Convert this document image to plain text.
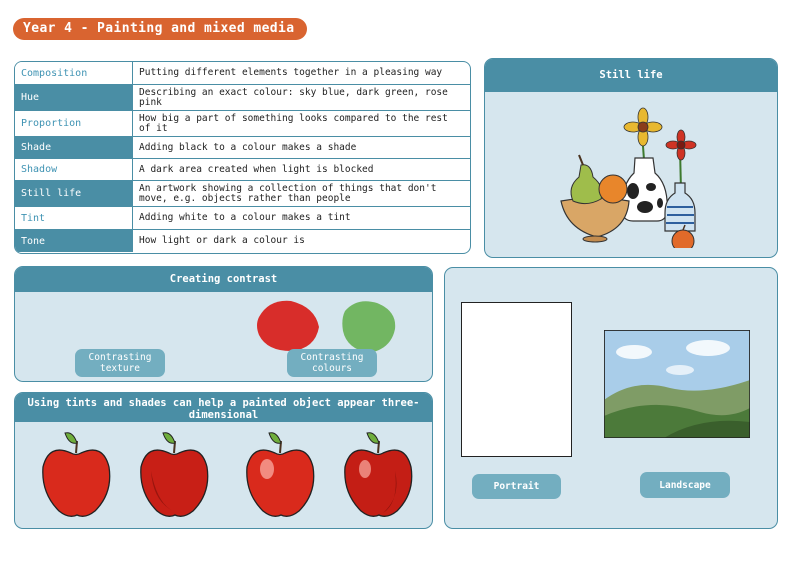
Year 4 - Painting and mixed media
Composition	Putting different elements together in a pleasing way
Hue	Describing an exact colour: sky blue, dark green, rose pink
Proportion	How big a part of something looks compared to the rest of it
Shade	Adding black to a colour makes a shade
Shadow	A dark area created when light is blocked
Still life	An artwork showing a collection of things that don't move, e.g. objects rather than people
Tint	Adding white to a colour makes a tint
Tone	How light or dark a colour is
Still life
Creating contrast
Contrasting texture
Contrasting colours
Using tints and shades can help a painted object appear three-dimensional
Portrait	Landscape
